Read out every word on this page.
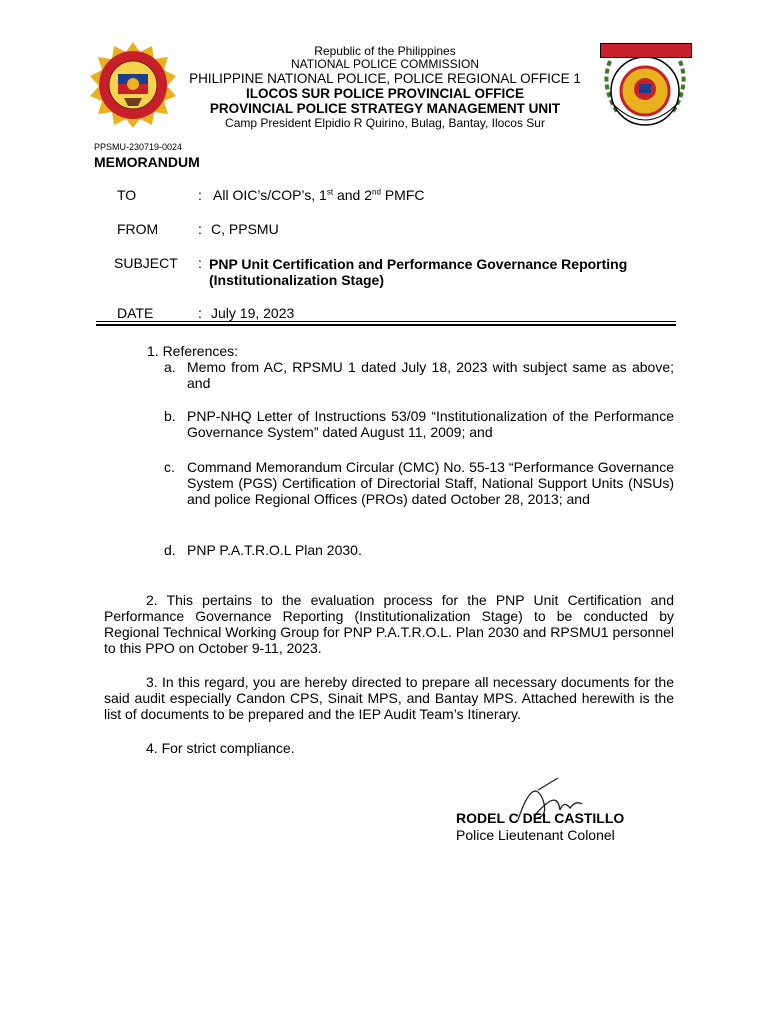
Republic of the Philippines
NATIONAL POLICE COMMISSION
PHILIPPINE NATIONAL POLICE, POLICE REGIONAL OFFICE 1
ILOCOS SUR POLICE PROVINCIAL OFFICE
PROVINCIAL POLICE STRATEGY MANAGEMENT UNIT
Camp President Elpidio R Quirino, Bulag, Bantay, Ilocos Sur
PPSMU-230719-0024
MEMORANDUM
TO	: All OIC’s/COP’s, 1st and 2nd PMFC
FROM	: C, PPSMU
SUBJECT : PNP Unit Certification and Performance Governance Reporting (Institutionalization Stage)
DATE	: July 19, 2023
1. References:
a. Memo from AC, RPSMU 1 dated July 18, 2023 with subject same as above; and
b. PNP-NHQ Letter of Instructions 53/09 “Institutionalization of the Performance Governance System” dated August 11, 2009; and
c. Command Memorandum Circular (CMC) No. 55-13 “Performance Governance System (PGS) Certification of Directorial Staff, National Support Units (NSUs) and police Regional Offices (PROs) dated October 28, 2013; and
d. PNP P.A.T.R.O.L Plan 2030.
2. This pertains to the evaluation process for the PNP Unit Certification and Performance Governance Reporting (Institutionalization Stage) to be conducted by Regional Technical Working Group for PNP P.A.T.R.O.L. Plan 2030 and RPSMU1 personnel to this PPO on October 9-11, 2023.
3. In this regard, you are hereby directed to prepare all necessary documents for the said audit especially Candon CPS, Sinait MPS, and Bantay MPS. Attached herewith is the list of documents to be prepared and the IEP Audit Team’s Itinerary.
4. For strict compliance.
RODEL C DEL CASTILLO
Police Lieutenant Colonel
